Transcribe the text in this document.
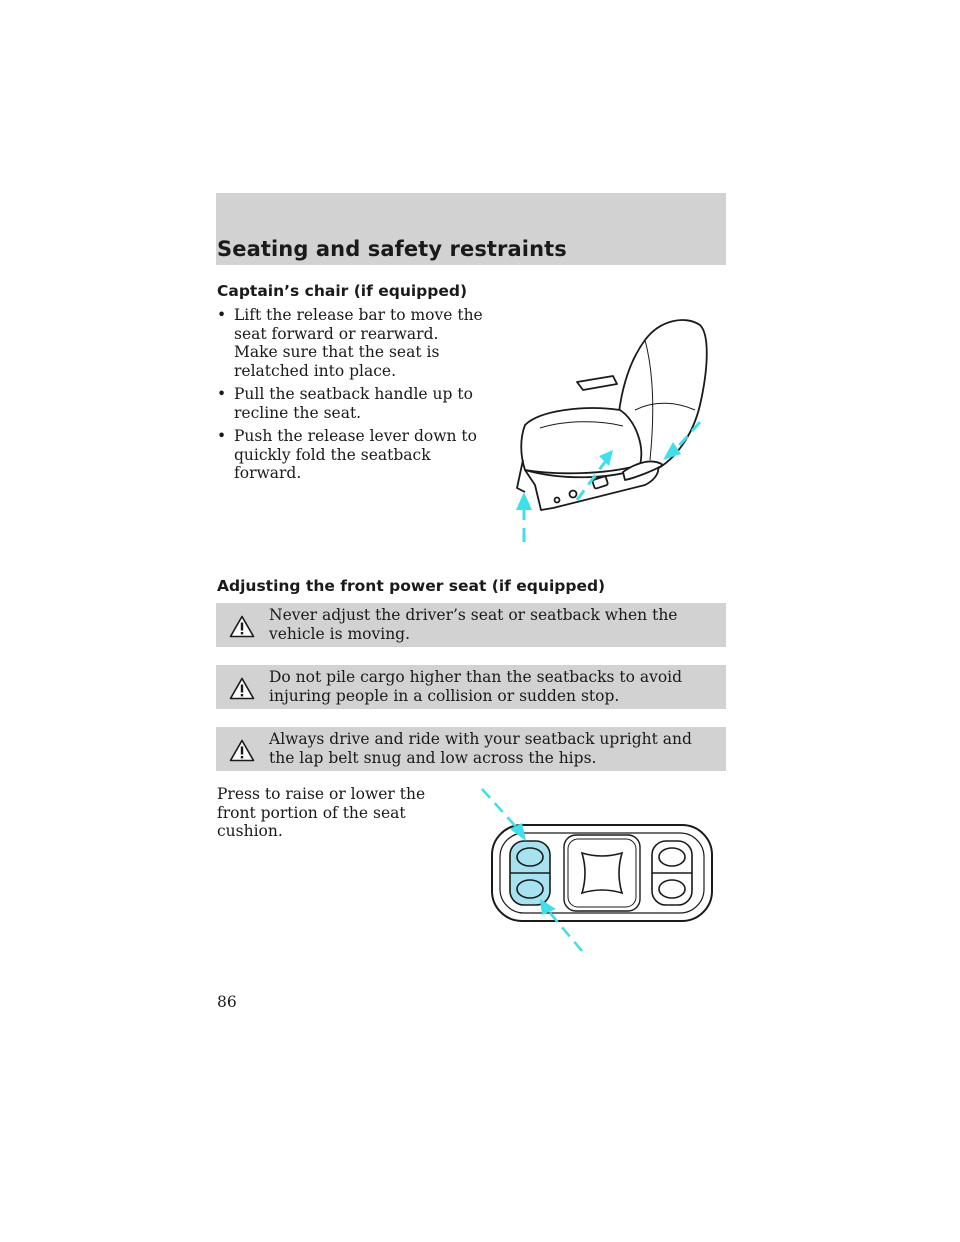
Seating and safety restraints
Captain’s chair (if equipped)
• Lift the release bar to move the seat forward or rearward. Make sure that the seat is relatched into place.
• Pull the seatback handle up to recline the seat.
• Push the release lever down to quickly fold the seatback forward.
Adjusting the front power seat (if equipped)
Never adjust the driver’s seat or seatback when the vehicle is moving.
Do not pile cargo higher than the seatbacks to avoid injuring people in a collision or sudden stop.
Always drive and ride with your seatback upright and the lap belt snug and low across the hips.
Press to raise or lower the front portion of the seat cushion.
86
